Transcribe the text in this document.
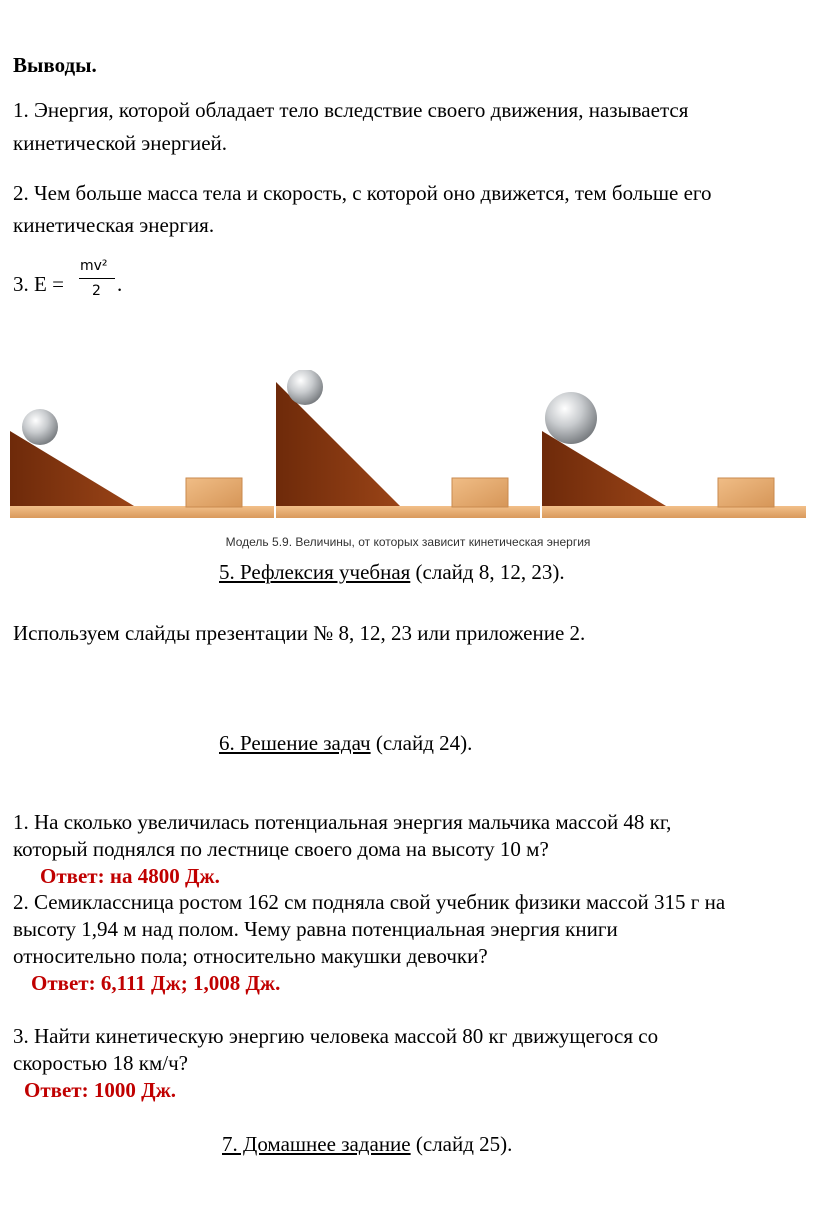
Выводы.

1. Энергия, которой обладает тело вследствие своего движения, называется

кинетической энергией.

2. Чем больше масса тела и скорость, с которой оно движется, тем больше его

кинетическая энергия.

3. E =

mv²
2 .

Модель 5.9. Величины, от которых зависит кинетическая энергия

5. Рефлексия учебная (слайд 8, 12, 23).

Используем слайды презентации № 8, 12, 23 или приложение 2.

6. Решение задач (слайд 24).

1. На сколько увеличилась потенциальная энергия мальчика массой 48 кг,

который поднялся по лестнице своего дома на высоту 10 м?

Ответ: на 4800 Дж.

2. Семиклассница ростом 162 см подняла свой учебник физики массой 315 г на

высоту 1,94 м над полом. Чему равна потенциальная энергия книги

относительно пола; относительно макушки девочки?

Ответ: 6,111 Дж; 1,008 Дж.

3. Найти кинетическую энергию человека массой 80 кг движущегося со

скоростью 18 км/ч?

Ответ: 1000 Дж.

7. Домашнее задание (слайд 25).
